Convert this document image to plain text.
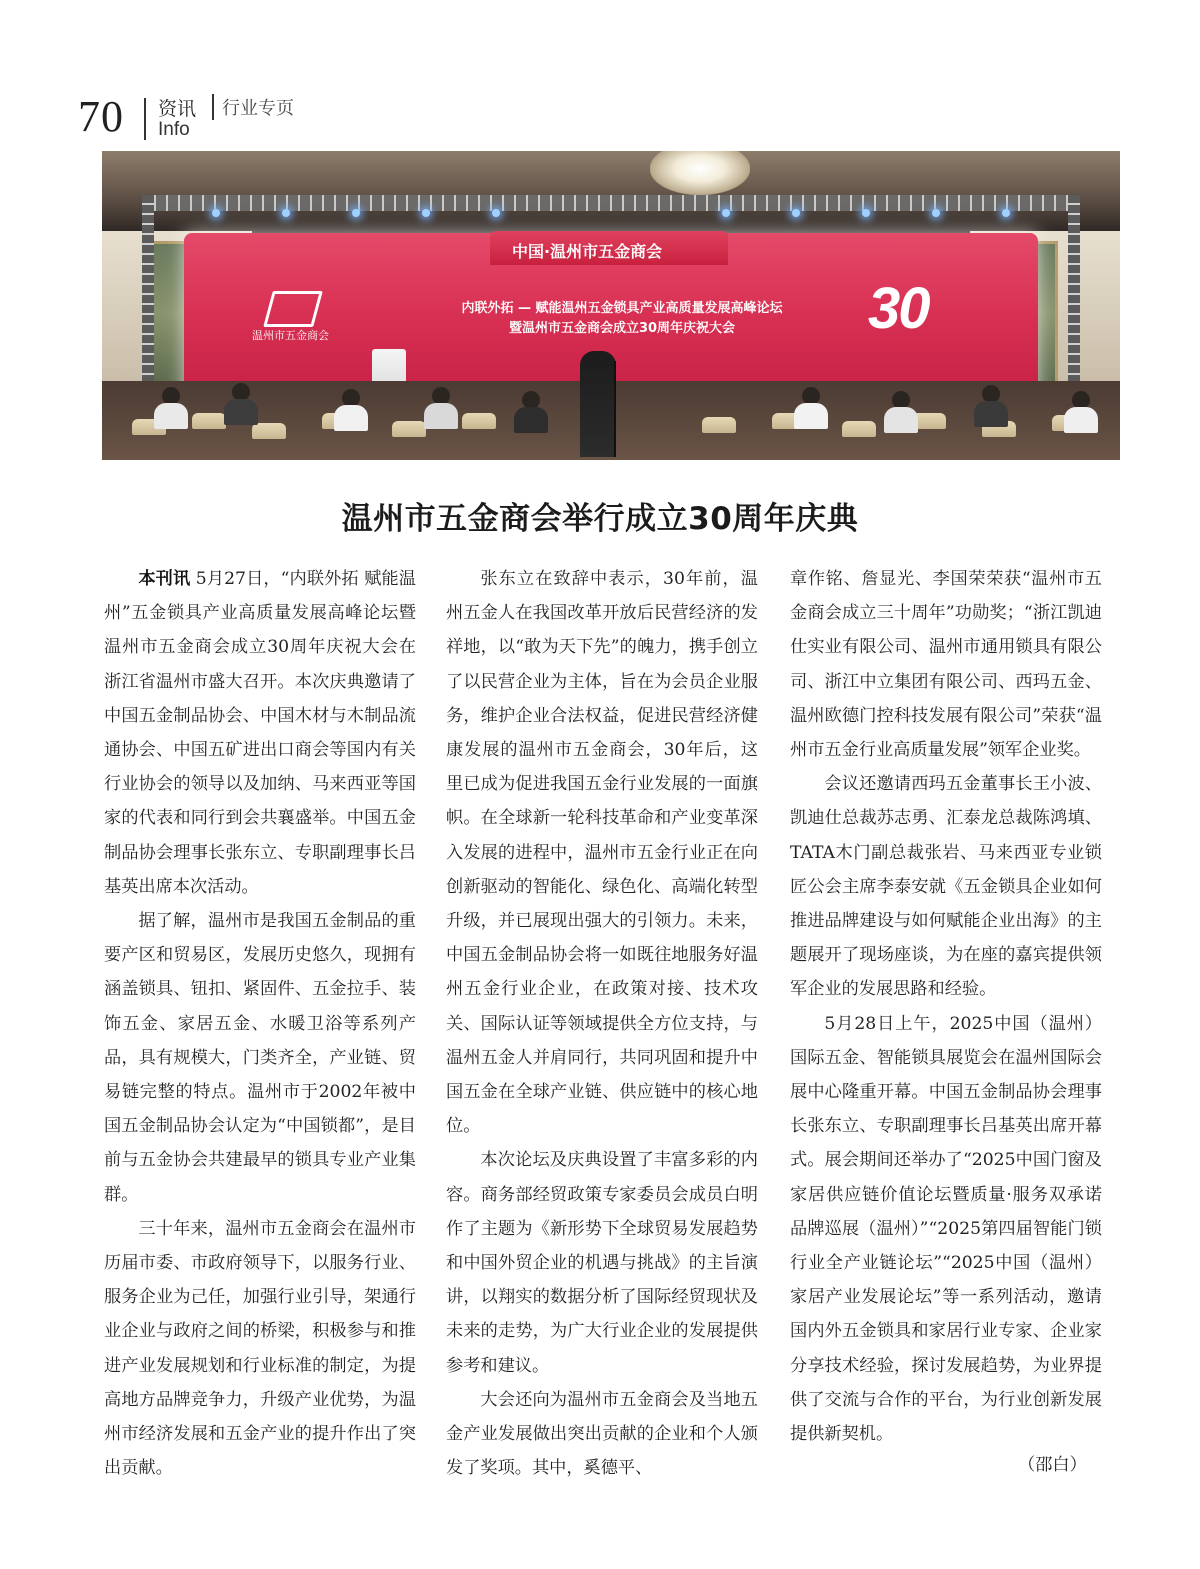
70 资讯
Info
行业专页
中国·温州市五金商会
温州市五金商会
内联外拓 — 赋能温州五金锁具产业高质量发展高峰论坛
暨温州市五金商会成立30周年庆祝大会	30
温州市五金商会举行成立30周年庆典

本刊讯 5月27日，“内联外拓 赋能温州”五金锁具产业高质量发展高峰论坛暨温州市五金商会成立30周年庆祝大会在浙江省温州市盛大召开。本次庆典邀请了中国五金制品协会、中国木材与木制品流通协会、中国五矿进出口商会等国内有关行业协会的领导以及加纳、马来西亚等国家的代表和同行到会共襄盛举。中国五金制品协会理事长张东立、专职副理事长吕基英出席本次活动。

据了解，温州市是我国五金制品的重要产区和贸易区，发展历史悠久，现拥有涵盖锁具、钮扣、紧固件、五金拉手、装饰五金、家居五金、水暖卫浴等系列产品，具有规模大，门类齐全，产业链、贸易链完整的特点。温州市于2002年被中国五金制品协会认定为“中国锁都”，是目前与五金协会共建最早的锁具专业产业集群。

三十年来，温州市五金商会在温州市历届市委、市政府领导下，以服务行业、服务企业为己任，加强行业引导，架通行业企业与政府之间的桥梁，积极参与和推进产业发展规划和行业标准的制定，为提高地方品牌竞争力，升级产业优势，为温州市经济发展和五金产业的提升作出了突出贡献。

张东立在致辞中表示，30年前，温州五金人在我国改革开放后民营经济的发祥地，以“敢为天下先”的魄力，携手创立了以民营企业为主体，旨在为会员企业服务，维护企业合法权益，促进民营经济健康发展的温州市五金商会，30年后，这里已成为促进我国五金行业发展的一面旗帜。在全球新一轮科技革命和产业变革深入发展的进程中，温州市五金行业正在向创新驱动的智能化、绿色化、高端化转型升级，并已展现出强大的引领力。未来，中国五金制品协会将一如既往地服务好温州五金行业企业，在政策对接、技术攻关、国际认证等领域提供全方位支持，与温州五金人并肩同行，共同巩固和提升中国五金在全球产业链、供应链中的核心地位。

本次论坛及庆典设置了丰富多彩的内容。商务部经贸政策专家委员会成员白明作了主题为《新形势下全球贸易发展趋势和中国外贸企业的机遇与挑战》的主旨演讲，以翔实的数据分析了国际经贸现状及未来的走势，为广大行业企业的发展提供参考和建议。

大会还向为温州市五金商会及当地五金产业发展做出突出贡献的企业和个人颁发了奖项。其中，奚德平、

章作铭、詹显光、李国荣荣获“温州市五金商会成立三十周年”功勋奖；“浙江凯迪仕实业有限公司、温州市通用锁具有限公司、浙江中立集团有限公司、西玛五金、温州欧德门控科技发展有限公司”荣获“温州市五金行业高质量发展”领军企业奖。

会议还邀请西玛五金董事长王小波、凯迪仕总裁苏志勇、汇泰龙总裁陈鸿填、TATA木门副总裁张岩、马来西亚专业锁匠公会主席李泰安就《五金锁具企业如何推进品牌建设与如何赋能企业出海》的主题展开了现场座谈，为在座的嘉宾提供领军企业的发展思路和经验。

5月28日上午，2025中国（温州）国际五金、智能锁具展览会在温州国际会展中心隆重开幕。中国五金制品协会理事长张东立、专职副理事长吕基英出席开幕式。展会期间还举办了“2025中国门窗及家居供应链价值论坛暨质量·服务双承诺品牌巡展（温州）”“2025第四届智能门锁行业全产业链论坛”“2025中国（温州）家居产业发展论坛”等一系列活动，邀请国内外五金锁具和家居行业专家、企业家分享技术经验，探讨发展趋势，为业界提供了交流与合作的平台，为行业创新发展提供新契机。

（邵白）
